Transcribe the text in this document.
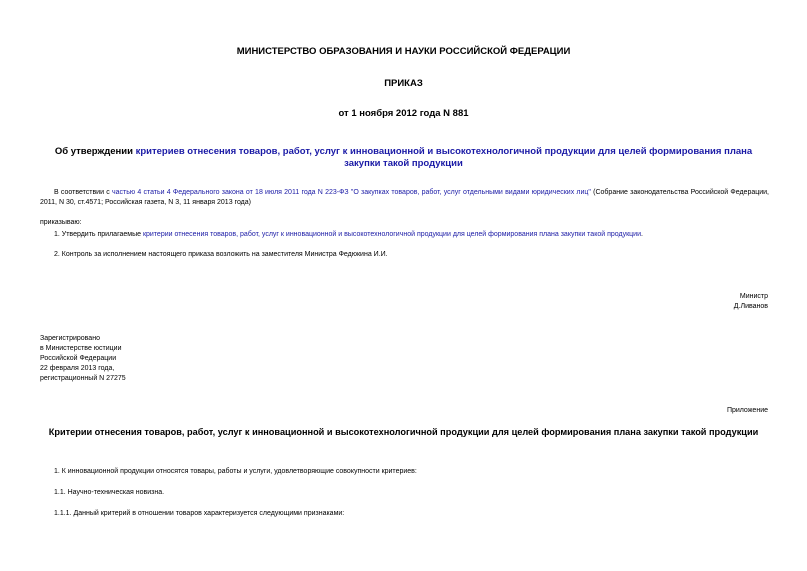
МИНИСТЕРСТВО ОБРАЗОВАНИЯ И НАУКИ РОССИЙСКОЙ ФЕДЕРАЦИИ
ПРИКАЗ
от 1 ноября 2012 года N 881
Об утверждении критериев отнесения товаров, работ, услуг к инновационной и высокотехнологичной продукции для целей формирования плана закупки такой продукции
В соответствии с частью 4 статьи 4 Федерального закона от 18 июля 2011 года N 223-ФЗ "О закупках товаров, работ, услуг отдельными видами юридических лиц" (Собрание законодательства Российской Федерации, 2011, N 30, ст.4571; Российская газета, N 3, 11 января 2013 года)
приказываю:
1. Утвердить прилагаемые критерии отнесения товаров, работ, услуг к инновационной и высокотехнологичной продукции для целей формирования плана закупки такой продукции.
2. Контроль за исполнением настоящего приказа возложить на заместителя Министра Федюкина И.И.
Министр
Д.Ливанов
Зарегистрировано
в Министерстве юстиции
Российской Федерации
22 февраля 2013 года,
регистрационный N 27275
Приложение
Критерии отнесения товаров, работ, услуг к инновационной и высокотехнологичной продукции для целей формирования плана закупки такой продукции
1. К инновационной продукции относятся товары, работы и услуги, удовлетворяющие совокупности критериев:
1.1. Научно-техническая новизна.
1.1.1. Данный критерий в отношении товаров характеризуется следующими признаками:
